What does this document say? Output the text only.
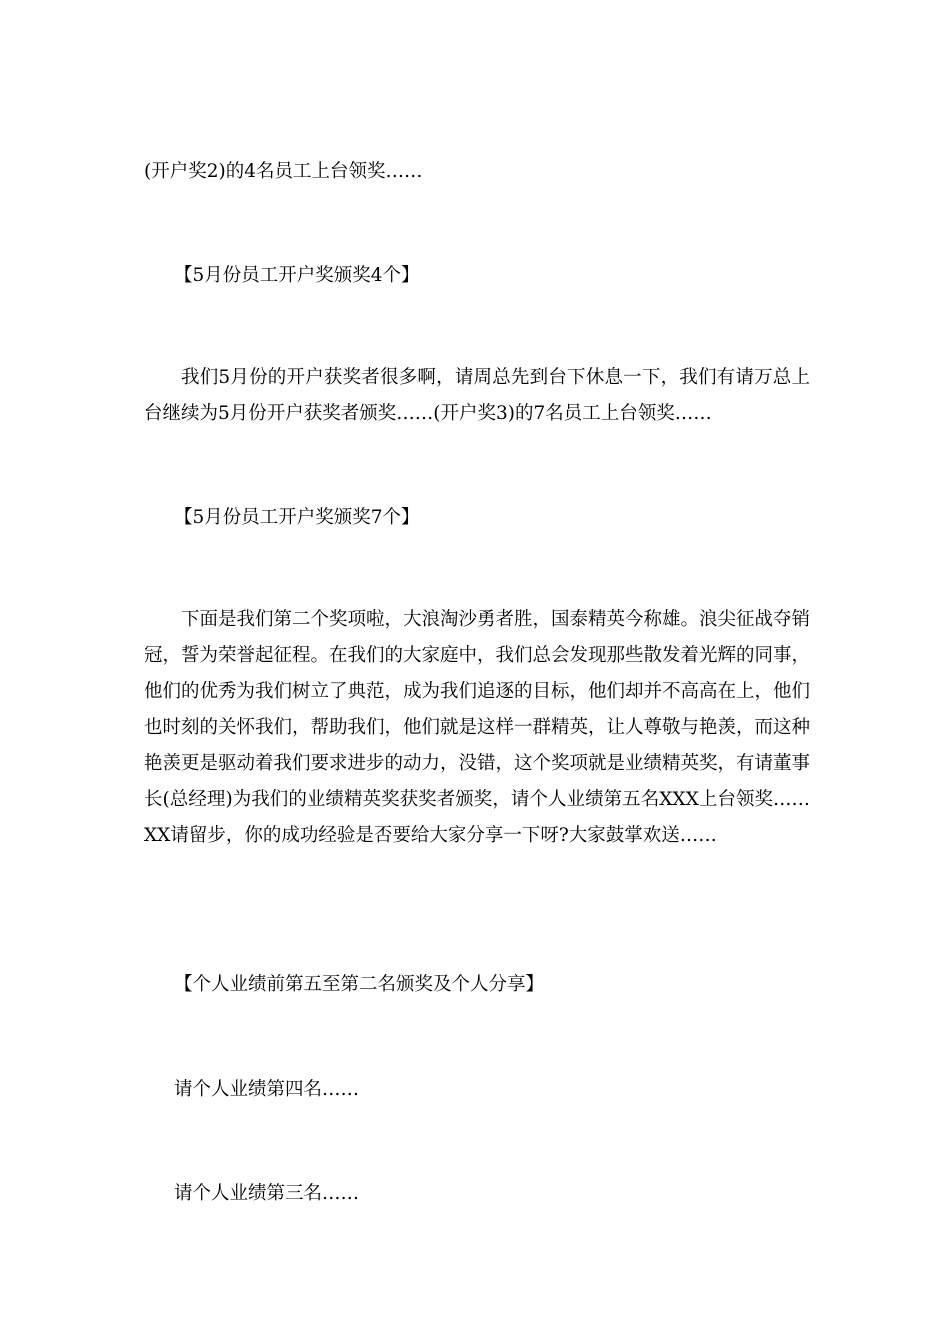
(开户奖2)的4名员工上台领奖……

【5月份员工开户奖颁奖4个】

我们5月份的开户获奖者很多啊，请周总先到台下休息一下，我们有请万总上台继续为5月份开户获奖者颁奖……(开户奖3)的7名员工上台领奖……

【5月份员工开户奖颁奖7个】

下面是我们第二个奖项啦，大浪淘沙勇者胜，国泰精英今称雄。浪尖征战夺销冠，誓为荣誉起征程。在我们的大家庭中，我们总会发现那些散发着光辉的同事，他们的优秀为我们树立了典范，成为我们追逐的目标，他们却并不高高在上，他们也时刻的关怀我们，帮助我们，他们就是这样一群精英，让人尊敬与艳羡，而这种艳羡更是驱动着我们要求进步的动力，没错，这个奖项就是业绩精英奖，有请董事长(总经理)为我们的业绩精英奖获奖者颁奖，请个人业绩第五名XXX上台领奖……XX请留步，你的成功经验是否要给大家分享一下呀?大家鼓掌欢送……

【个人业绩前第五至第二名颁奖及个人分享】

请个人业绩第四名……

请个人业绩第三名……
